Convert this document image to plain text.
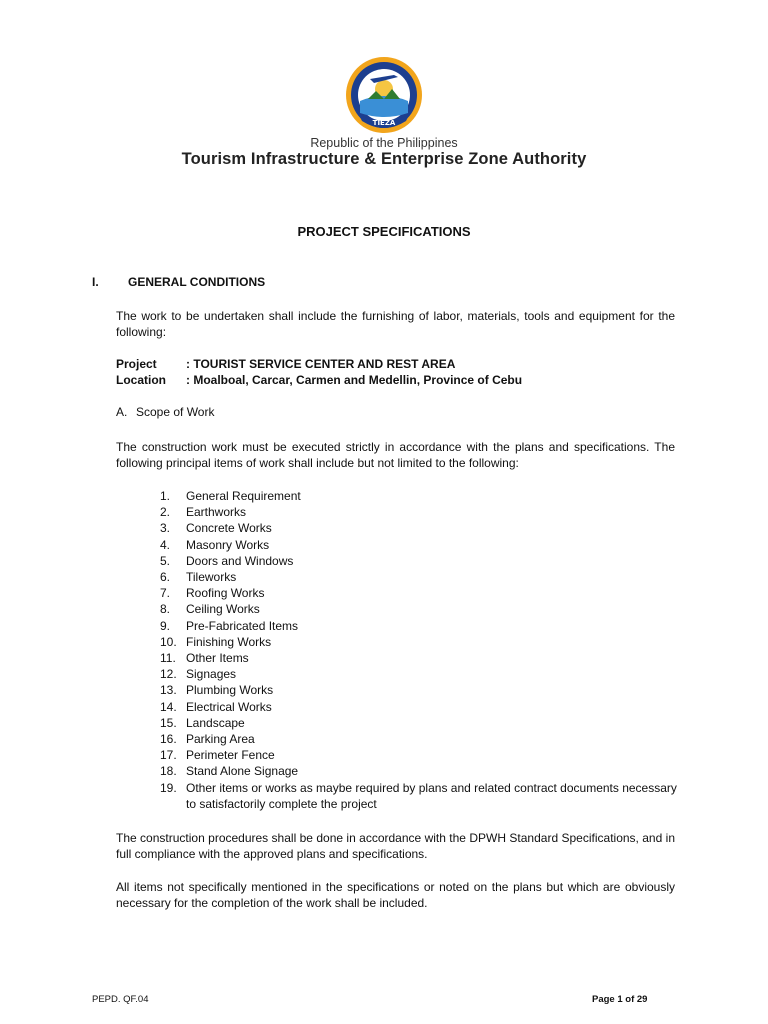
TIEZA
Republic of the Philippines
Tourism Infrastructure & Enterprise Zone Authority
PROJECT SPECIFICATIONS
I. GENERAL CONDITIONS
The work to be undertaken shall include the furnishing of labor, materials, tools and equipment for the following:
Project : TOURIST SERVICE CENTER AND REST AREA
Location : Moalboal, Carcar, Carmen and Medellin, Province of Cebu
A. Scope of Work
The construction work must be executed strictly in accordance with the plans and specifications. The following principal items of work shall include but not limited to the following:
1. General Requirement
2. Earthworks
3. Concrete Works
4. Masonry Works
5. Doors and Windows
6. Tileworks
7. Roofing Works
8. Ceiling Works
9. Pre-Fabricated Items
10. Finishing Works
11. Other Items
12. Signages
13. Plumbing Works
14. Electrical Works
15. Landscape
16. Parking Area
17. Perimeter Fence
18. Stand Alone Signage
19. Other items or works as maybe required by plans and related contract documents necessary to satisfactorily complete the project
The construction procedures shall be done in accordance with the DPWH Standard Specifications, and in full compliance with the approved plans and specifications.
All items not specifically mentioned in the specifications or noted on the plans but which are obviously necessary for the completion of the work shall be included.
PEPD. QF.04	Page 1 of 29
